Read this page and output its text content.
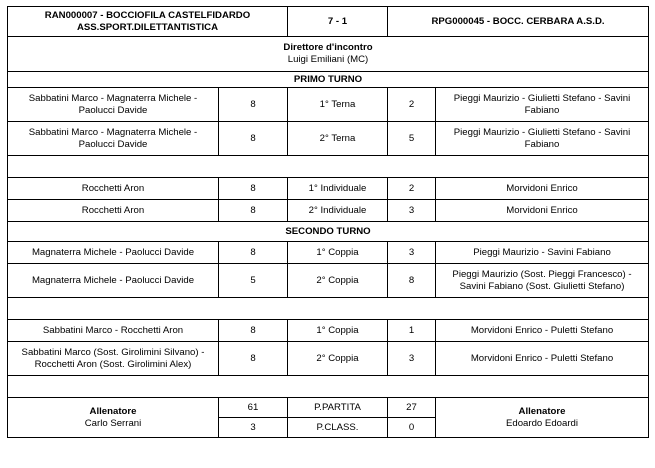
RAN000007 - BOCCIOFILA CASTELFIDARDO
ASS.SPORT.DILETTANTISTICA		7 - 1	RPG000045 - BOCC. CERBARA A.S.D.	

Direttore d'incontro
Luigi Emiliani (MC)				

PRIMO TURNO				

Sabbatini Marco - Magnaterra Michele -
Paolucci Davide	8	1° Terna	2	Pieggi Maurizio - Giulietti Stefano - Savini
Fabiano

Sabbatini Marco - Magnaterra Michele -
Paolucci Davide	8	2° Terna	5	Pieggi Maurizio - Giulietti Stefano - Savini
Fabiano

Rocchetti Aron	8	1° Individuale	2	Morvidoni Enrico
Rocchetti Aron	8	2° Individuale	3	Morvidoni Enrico
SECONDO TURNO				
Magnaterra Michele - Paolucci Davide	8	1° Coppia	3	Pieggi Maurizio - Savini Fabiano
Magnaterra Michele - Paolucci Davide	5	2° Coppia	8	Pieggi Maurizio (Sost. Pieggi Francesco) -
Savini Fabiano (Sost. Giulietti Stefano)

Sabbatini Marco - Rocchetti Aron	8	1° Coppia	1	Morvidoni Enrico - Puletti Stefano

Sabbatini Marco (Sost. Girolimini Silvano) -
Rocchetti Aron (Sost. Girolimini Alex)	8	2° Coppia	3	Morvidoni Enrico - Puletti Stefano

Allenatore
Carlo Serrani	61	P.PARTITA	27	Allenatore
Edoardo Edoardi

	3	P.CLASS.	0	
